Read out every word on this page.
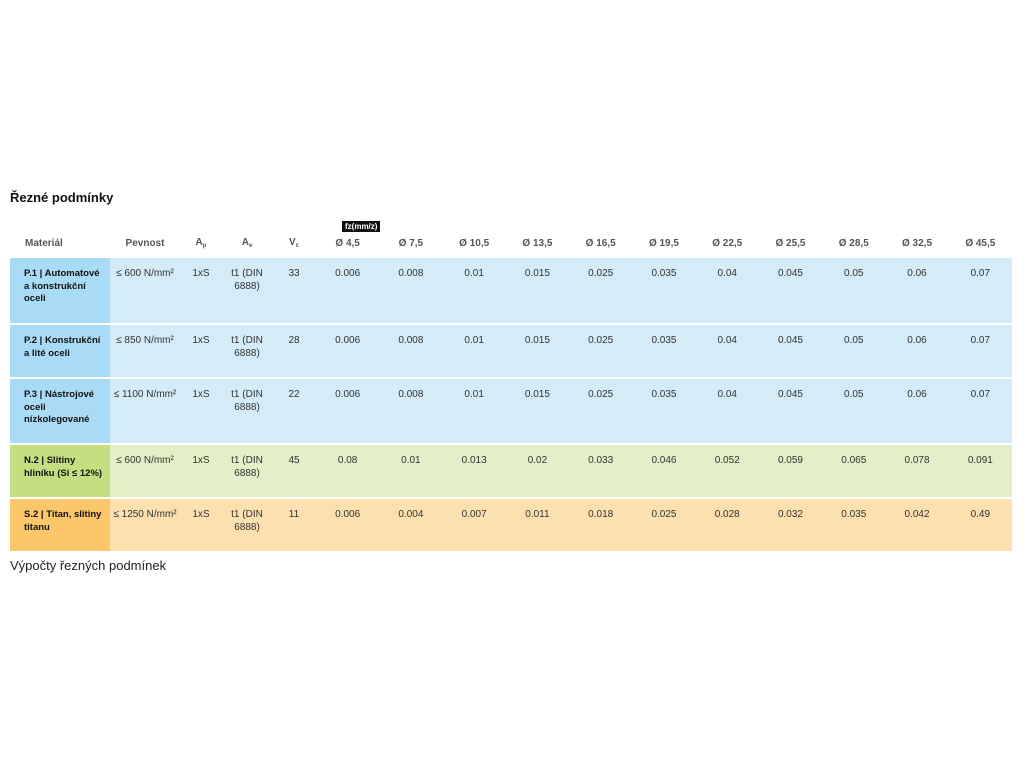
Řezné podmínky
fz(mm/z)
Materiál	Pevnost	$A_p$	$A_e$	$V_c$	Ø 4,5	Ø 7,5	Ø 10,5	Ø 13,5	Ø 16,5	Ø 19,5	Ø 22,5	Ø 25,5	Ø 28,5	Ø 32,5	Ø 45,5
P.1 | Automatové a konstrukční oceli	≤ 600 N/mm²	1xS	t1 (DIN 6888)	33	0.006	0.008	0.01	0.015	0.025	0.035	0.04	0.045	0.05	0.06	0.07
P.2 | Konstrukční a lité oceli	≤ 850 N/mm²	1xS	t1 (DIN 6888)	28	0.006	0.008	0.01	0.015	0.025	0.035	0.04	0.045	0.05	0.06	0.07
P.3 | Nástrojové oceli nízkolegované	≤ 1100 N/mm²	1xS	t1 (DIN 6888)	22	0.006	0.008	0.01	0.015	0.025	0.035	0.04	0.045	0.05	0.06	0.07
N.2 | Slitiny hliníku (Si ≤ 12%)	≤ 600 N/mm²	1xS	t1 (DIN 6888)	45	0.08	0.01	0.013	0.02	0.033	0.046	0.052	0.059	0.065	0.078	0.091
S.2 | Titan, slitiny titanu	≤ 1250 N/mm²	1xS	t1 (DIN 6888)	11	0.006	0.004	0.007	0.011	0.018	0.025	0.028	0.032	0.035	0.042	0.49
Výpočty řezných podmínek
